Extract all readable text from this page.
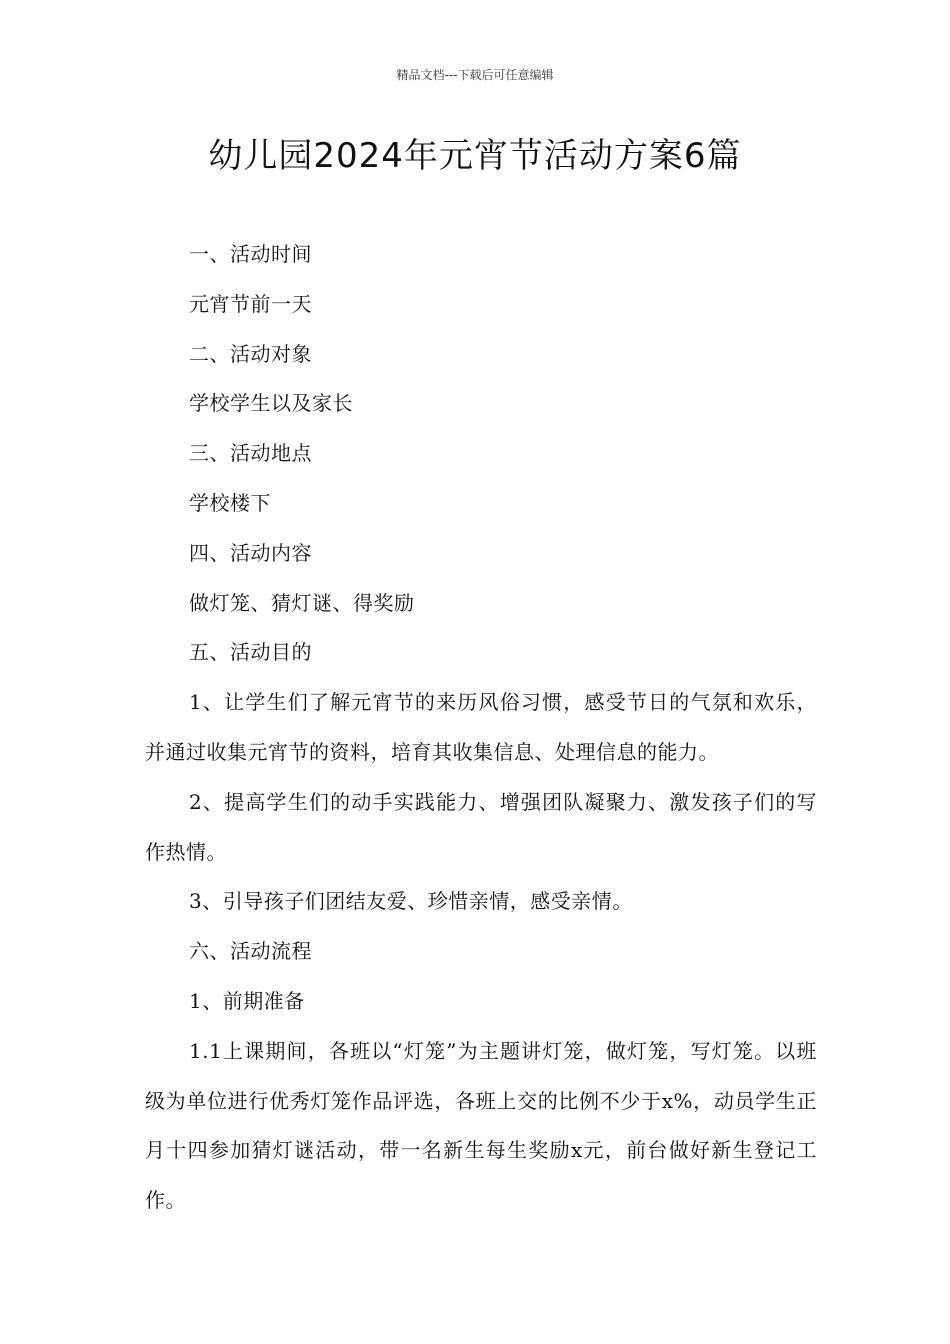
精品文档---下载后可任意编辑
幼儿园2024年元宵节活动方案6篇

一、活动时间

元宵节前一天

二、活动对象

学校学生以及家长

三、活动地点

学校楼下

四、活动内容

做灯笼、猜灯谜、得奖励

五、活动目的

1、让学生们了解元宵节的来历风俗习惯，感受节日的气氛和欢乐，并通过收集元宵节的资料，培育其收集信息、处理信息的能力。

2、提高学生们的动手实践能力、增强团队凝聚力、激发孩子们的写作热情。

3、引导孩子们团结友爱、珍惜亲情，感受亲情。

六、活动流程

1、前期准备

1.1上课期间，各班以“灯笼”为主题讲灯笼，做灯笼，写灯笼。以班级为单位进行优秀灯笼作品评选，各班上交的比例不少于x%，动员学生正月十四参加猜灯谜活动，带一名新生每生奖励x元，前台做好新生登记工作。
